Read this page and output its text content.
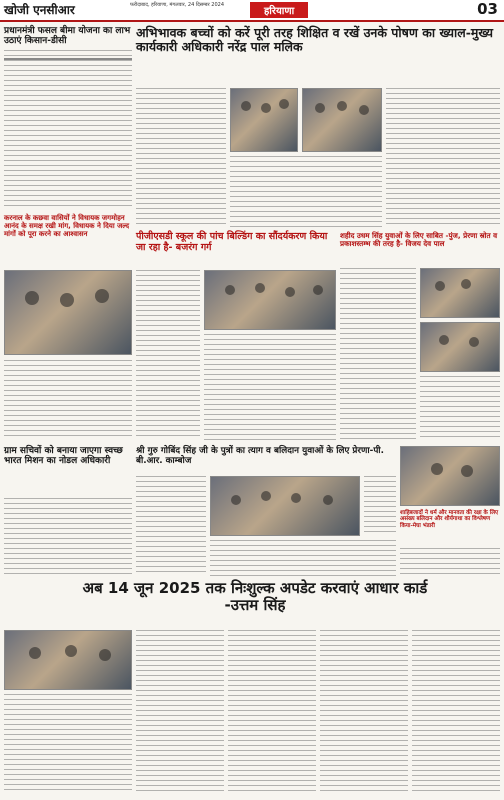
खोजी एनसीआर	फरीदाबाद, हरियाणा, मंगलवार, 24 दिसम्बर 2024
हरियाणा	03
प्रधानमंत्री फसल बीमा योजना का लाभ उठाएं किसान-डीसी
करनाल के कछवा वासियों ने विधायक जगमोहन आनंद के समक्ष रखी मांग, विधायक ने दिया जल्द मांगों को पूरा करने का आश्वासन
अभिभावक बच्चों को करें पूरी तरह शिक्षित व रखें उनके पोषण का ख्याल-मुख्य कार्यकारी अधिकारी नरेंद्र पाल मलिक
पीजीएसडी स्कूल की पांच बिल्डिंग का सौंदर्यकरण किया जा रहा है- बजरंग गर्ग
शहीद उधम सिंह युवाओं के लिए साबित -पुंज, प्रेरणा स्रोत व प्रकाशस्तम्भ की तरह है- विजय देव पाल
श्री गुरु गोबिंद सिंह जी के पुत्रों का त्याग व बलिदान युवाओं के लिए प्रेरणा-पी. बी.आर. काम्बोज
ग्राम सचिवों को बनाया जाएगा स्वच्छ भारत मिशन का नोडल अधिकारी
शाहिबजादों ने धर्म और मानवता की रक्षा के लिए असंख्य बलिदान और शौर्यगाथा का विश्लेषण किया-मेघा भंडारी
अब 14 जून 2025 तक निःशुल्क अपडेट करवाएं आधार कार्ड -उत्तम सिंह
